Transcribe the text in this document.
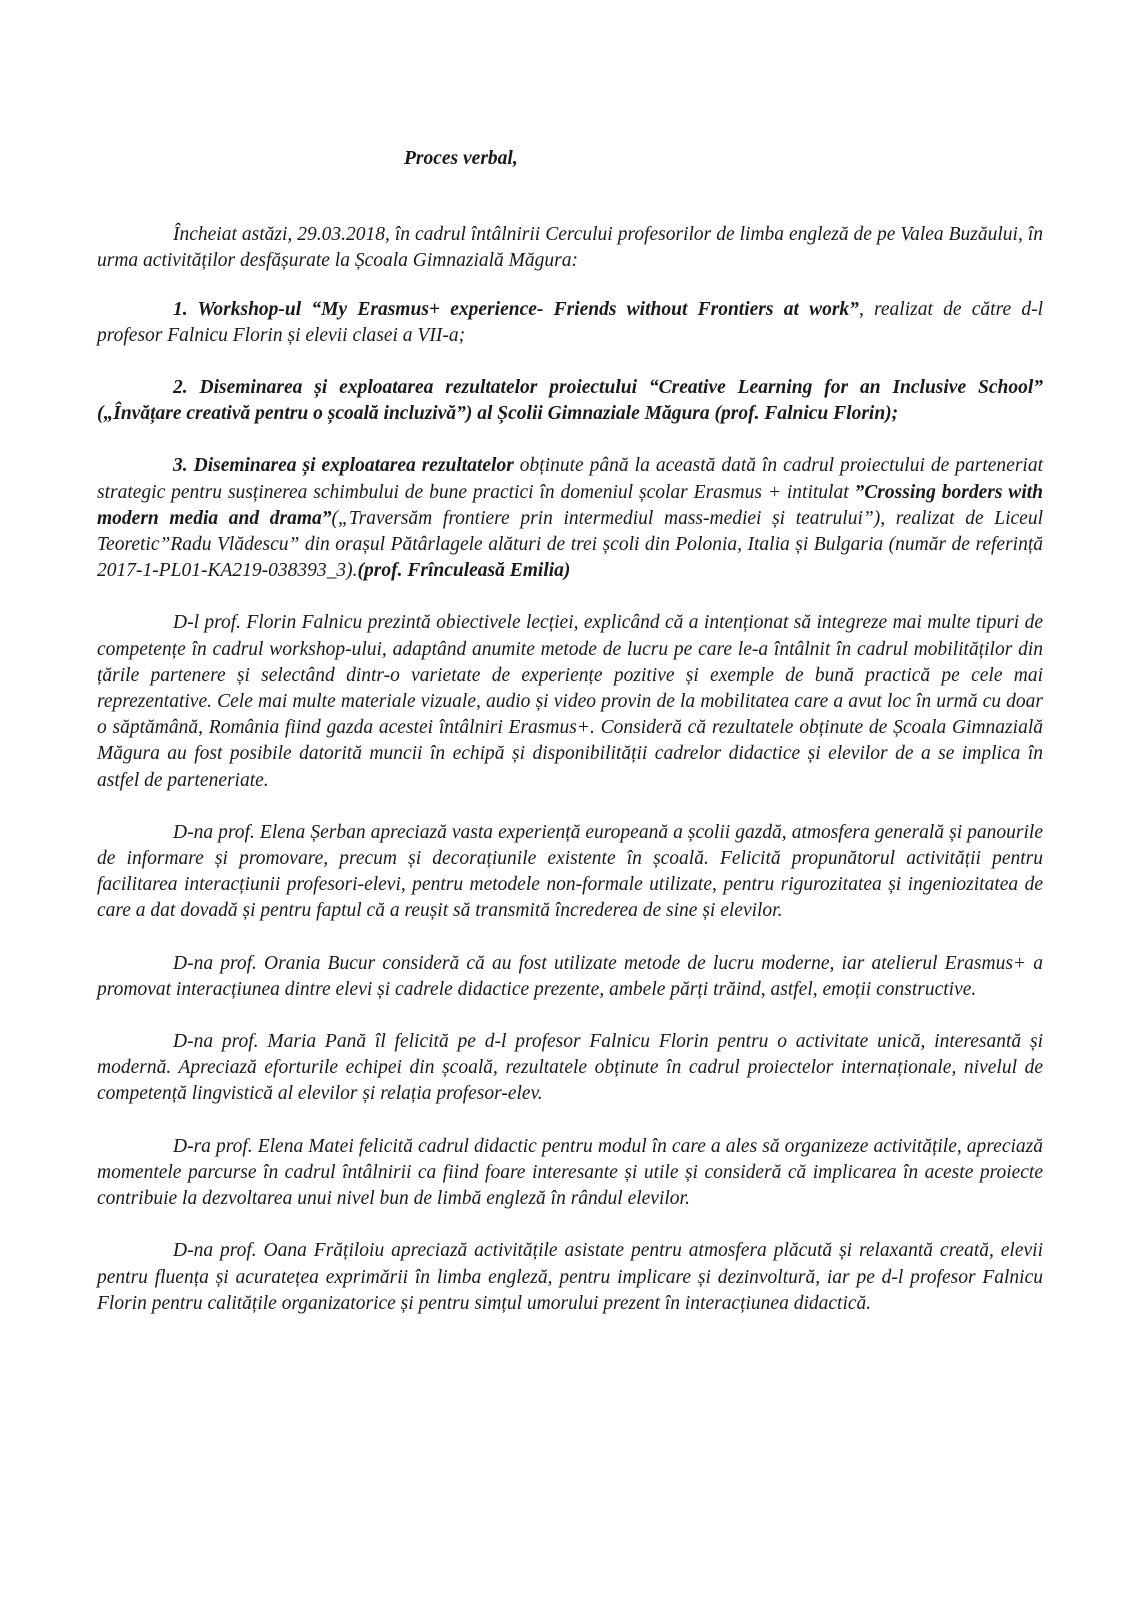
Proces verbal,

Încheiat astăzi, 29.03.2018, în cadrul întâlnirii Cercului profesorilor de limba engleză de pe Valea Buzăului, în urma activităților desfășurate la Școala Gimnazială Măgura:

1. Workshop-ul “My Erasmus+ experience- Friends without Frontiers at work”, realizat de către d-l profesor Falnicu Florin și elevii clasei a VII-a;

2. Diseminarea și exploatarea rezultatelor proiectului “Creative Learning for an Inclusive School” („Învățare creativă pentru o școală incluzivă”) al Școlii Gimnaziale Măgura (prof. Falnicu Florin);

3. Diseminarea și exploatarea rezultatelor obținute până la această dată în cadrul proiectului de parteneriat strategic pentru susținerea schimbului de bune practici în domeniul școlar Erasmus + intitulat ”Crossing borders with modern media and drama”(„Traversăm frontiere prin intermediul mass-mediei și teatrului”), realizat de Liceul Teoretic”Radu Vlădescu” din orașul Pătârlagele alături de trei școli din Polonia, Italia și Bulgaria (număr de referință 2017-1-PL01-KA219-038393_3).(prof. Frînculeasă Emilia)

D-l prof. Florin Falnicu prezintă obiectivele lecției, explicând că a intenționat să integreze mai multe tipuri de competențe în cadrul workshop-ului, adaptând anumite metode de lucru pe care le-a întâlnit în cadrul mobilităților din țările partenere și selectând dintr-o varietate de experiențe pozitive și exemple de bună practică pe cele mai reprezentative. Cele mai multe materiale vizuale, audio și video provin de la mobilitatea care a avut loc în urmă cu doar o săptămână, România fiind gazda acestei întâlniri Erasmus+. Consideră că rezultatele obținute de Școala Gimnazială Măgura au fost posibile datorită muncii în echipă și disponibilității cadrelor didactice și elevilor de a se implica în astfel de parteneriate.

D-na prof. Elena Șerban apreciază vasta experiență europeană a școlii gazdă, atmosfera generală și panourile de informare și promovare, precum și decorațiunile existente în școală. Felicită propunătorul activității pentru facilitarea interacțiunii profesori-elevi, pentru metodele non-formale utilizate, pentru rigurozitatea și ingeniozitatea de care a dat dovadă și pentru faptul că a reușit să transmită încrederea de sine și elevilor.

D-na prof. Orania Bucur consideră că au fost utilizate metode de lucru moderne, iar atelierul Erasmus+ a promovat interacțiunea dintre elevi și cadrele didactice prezente, ambele părți trăind, astfel, emoții constructive.

D-na prof. Maria Pană îl felicită pe d-l profesor Falnicu Florin pentru o activitate unică, interesantă și modernă. Apreciază eforturile echipei din școală, rezultatele obținute în cadrul proiectelor internaționale, nivelul de competență lingvistică al elevilor și relația profesor-elev.

D-ra prof. Elena Matei felicită cadrul didactic pentru modul în care a ales să organizeze activitățile, apreciază momentele parcurse în cadrul întâlnirii ca fiind foare interesante și utile și consideră că implicarea în aceste proiecte contribuie la dezvoltarea unui nivel bun de limbă engleză în rândul elevilor.

D-na prof. Oana Frățiloiu apreciază activitățile asistate pentru atmosfera plăcută și relaxantă creată, elevii pentru fluența și acuratețea exprimării în limba engleză, pentru implicare și dezinvoltură, iar pe d-l profesor Falnicu Florin pentru calitățile organizatorice și pentru simțul umorului prezent în interacțiunea didactică.
